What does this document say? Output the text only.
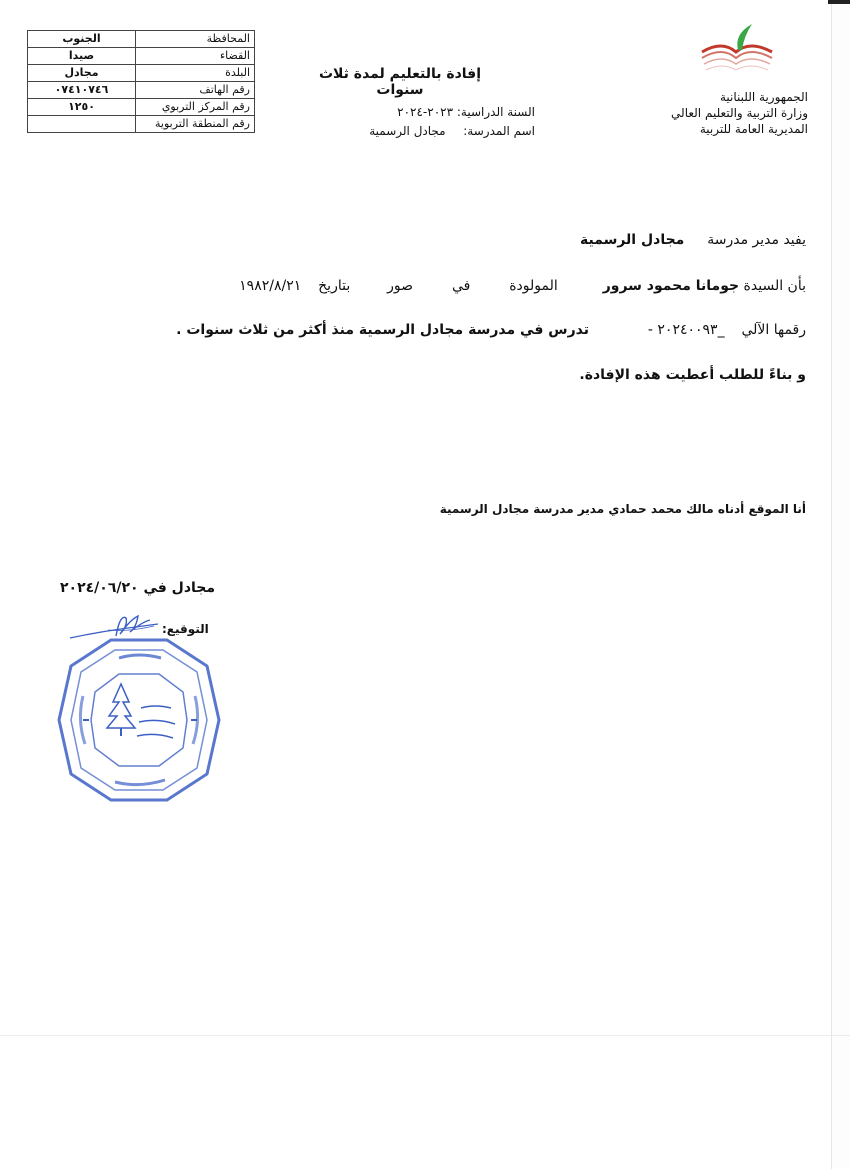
المحافظة	الجنوب
القضاء	صيدا
البلدة	مجادل
رقم الهاتف	٠٧٤١٠٧٤٦
رقم المركز التربوي	١٢٥٠
رقم المنطقة التربوية	
إفادة بالتعليم لمدة ثلاث سنوات
السنة الدراسية: ٢٠٢٣-٢٠٢٤
اسم المدرسة:  مجادل الرسمية
الجمهورية اللبنانية
وزارة التربية والتعليم العالي
المديرية العامة للتربية
يفيد مدير مدرسة  مجادل الرسمية
بأن السيدة جومانا محمود سرور  المولودة  في  صور  بتاريخ  ١٩٨٢/٨/٢١
رقمها الآلي  _٢٠٢٤٠٠٩٣ -  تدرس في مدرسة مجادل الرسمية منذ أكثر من ثلاث سنوات .
و بناءً للطلب أعطيت هذه الإفادة.
أنا الموقع أدناه مالك محمد حمادي مدير مدرسة مجادل الرسمية
مجادل في ٢٠٢٤/٠٦/٢٠
التوقيع:
